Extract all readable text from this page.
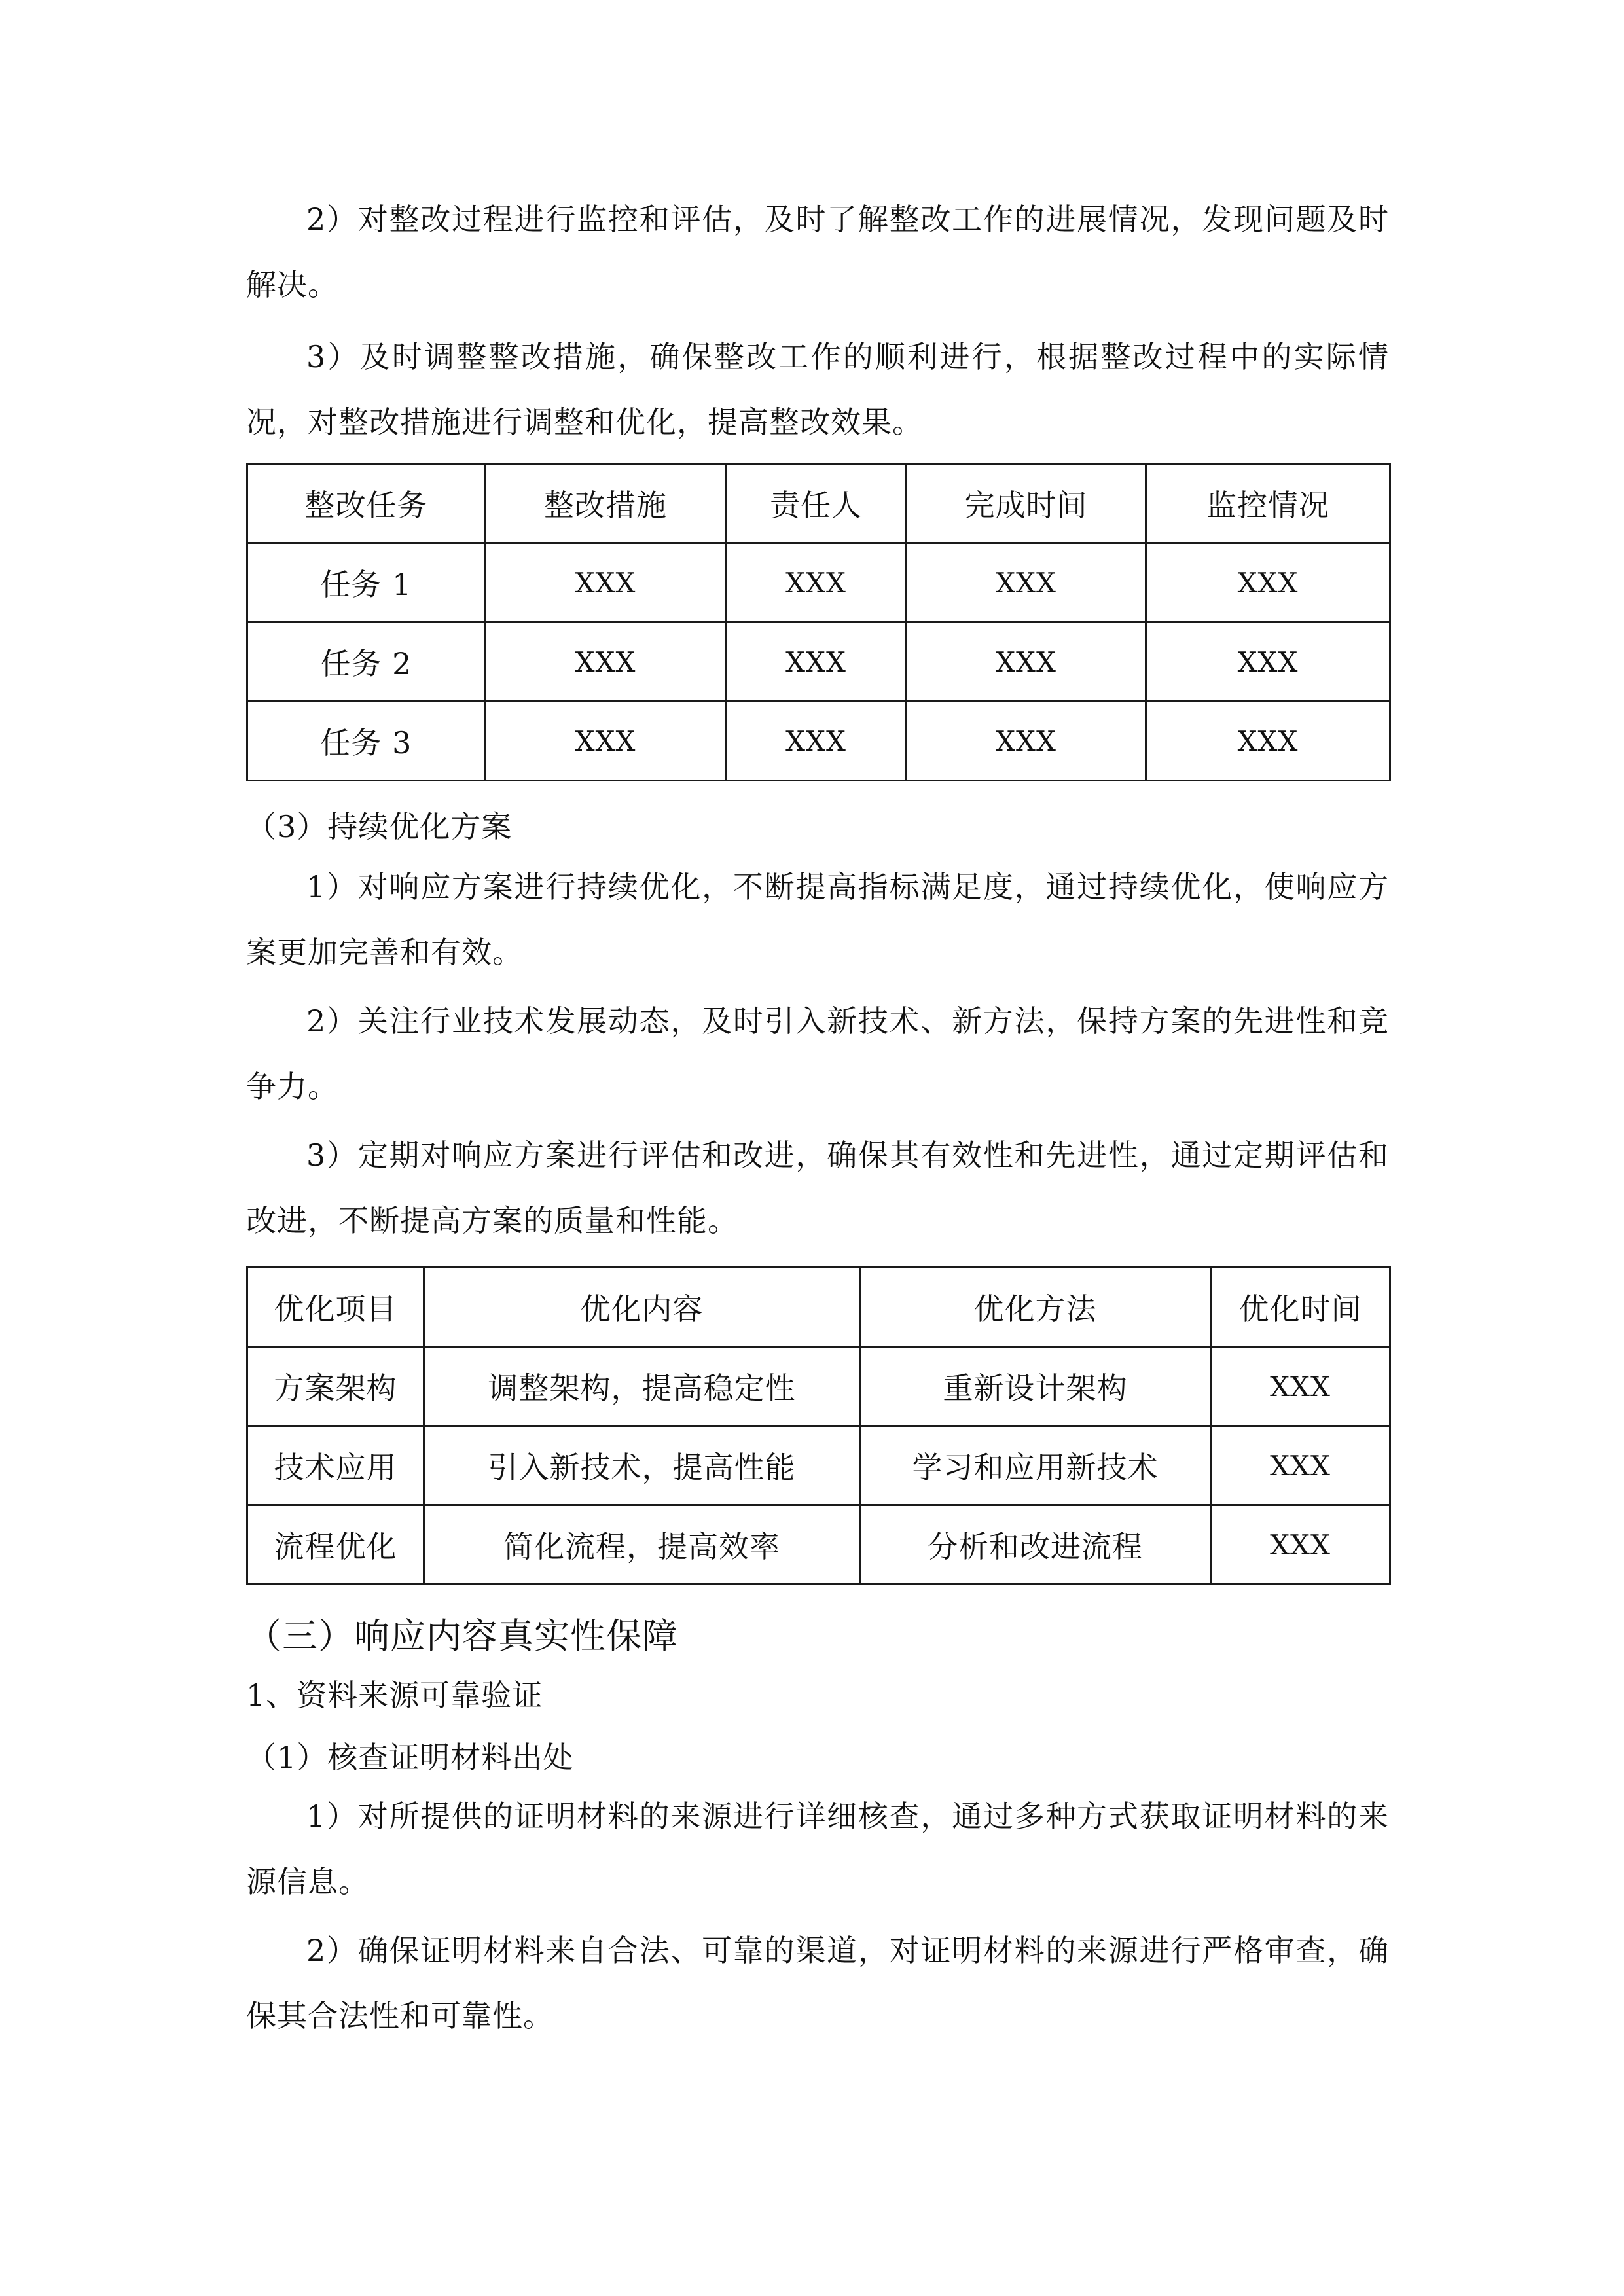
2）对整改过程进行监控和评估，及时了解整改工作的进展情况，发现问题及时解决。

3）及时调整整改措施，确保整改工作的顺利进行，根据整改过程中的实际情况，对整改措施进行调整和优化，提高整改效果。

整改任务	整改措施	责任人	完成时间	监控情况
任务 1	XXX	XXX	XXX	XXX
任务 2	XXX	XXX	XXX	XXX
任务 3	XXX	XXX	XXX	XXX

（3）持续优化方案

1）对响应方案进行持续优化，不断提高指标满足度，通过持续优化，使响应方案更加完善和有效。

2）关注行业技术发展动态，及时引入新技术、新方法，保持方案的先进性和竞争力。

3）定期对响应方案进行评估和改进，确保其有效性和先进性，通过定期评估和改进，不断提高方案的质量和性能。

优化项目	优化内容	优化方法	优化时间
方案架构	调整架构，提高稳定性	重新设计架构	XXX
技术应用	引入新技术，提高性能	学习和应用新技术	XXX
流程优化	简化流程，提高效率	分析和改进流程	XXX

（三）响应内容真实性保障

1、资料来源可靠验证

（1）核查证明材料出处

1）对所提供的证明材料的来源进行详细核查，通过多种方式获取证明材料的来源信息。

2）确保证明材料来自合法、可靠的渠道，对证明材料的来源进行严格审查，确保其合法性和可靠性。
